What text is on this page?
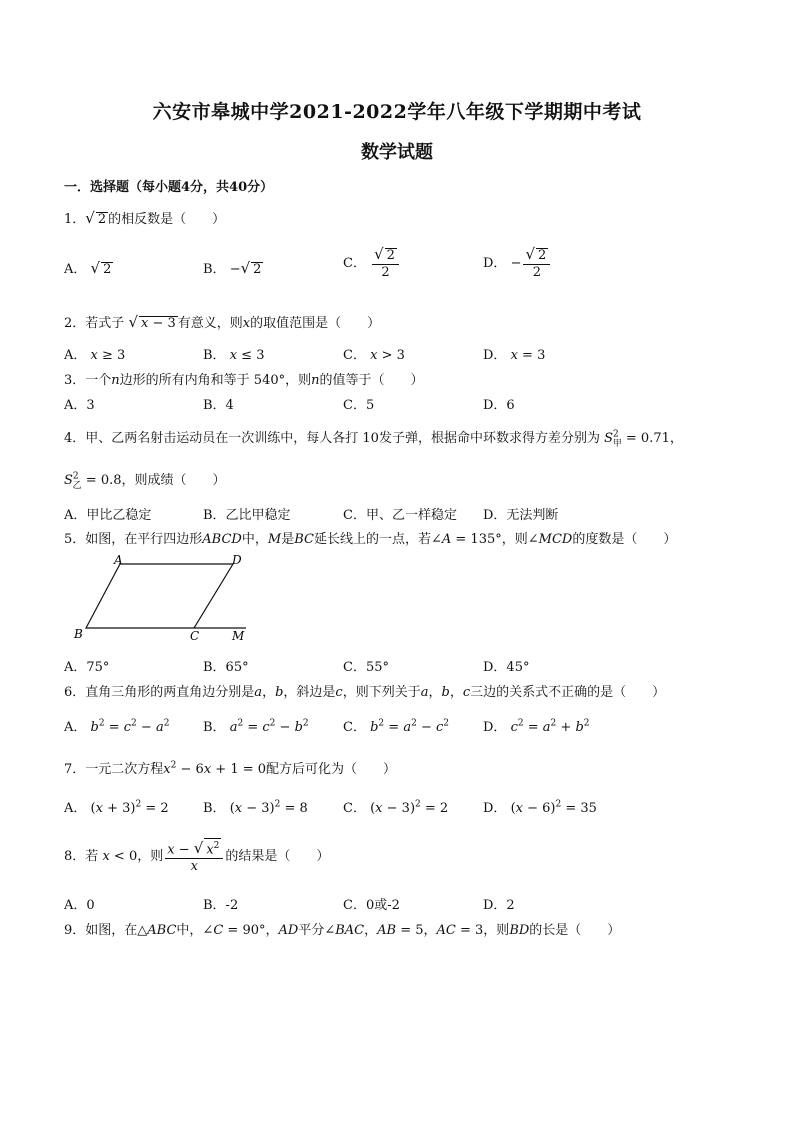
六安市皋城中学2021-2022学年八年级下学期期中考试
数学试题
一．选择题（每小题4分，共40分）
1．√ 2 的相反数是（　　）
A． √ 2	B． −√ 2	C． $\frac{√ 2}{2}$	D． − $\frac{√ 2}{2}$
2．若式子 √ x − 3 有意义，则x的取值范围是（　　）
A． x ≥ 3	B． x ≤ 3	C． x > 3	D． x = 3
3．一个n边形的所有内角和等于 540°，则n的值等于（　　）
A．3	B．4	C．5	D．6
4．甲、乙两名射击运动员在一次训练中，每人各打 10发子弹，根据命中环数求得方差分别为 $S^2_甲 = 0.71$，
$S^2_乙 = 0.8$，则成绩（　　）
A．甲比乙稳定	B．乙比甲稳定	C．甲、乙一样稳定 D．无法判断
5．如图，在平行四边形ABCD中，M是BC延长线上的一点，若∠A = 135°，则∠MCD的度数是（　　）
A	D
B	C	M
A．75°	B．65°	C．55°	D．45°
6．直角三角形的两直角边分别是a，b，斜边是c，则下列关于a，b，c三边的关系式不正确的是（　　）
A． $b^2 = c^2 - a^2$	B． $a^2 = c^2 - b^2$	C． $b^2 = a^2 - c^2$	D． $c^2 = a^2 + b^2$
7．一元二次方程$x^2 - 6x + 1 = 0$配方后可化为（　　）
A． $(x + 3)^2 = 2$	B． $(x - 3)^2 = 8$	C． $(x - 3)^2 = 2$	D． $(x - 6)^2 = 35$
8．若 x < 0，则 $\frac{x - √ x^2}{x}$ 的结果是（　　）
A．0	B．-2	C．0或-2	D．2
9．如图，在△ABC中，∠C = 90°，AD平分∠BAC，AB = 5，AC = 3，则BD的长是（　　）
